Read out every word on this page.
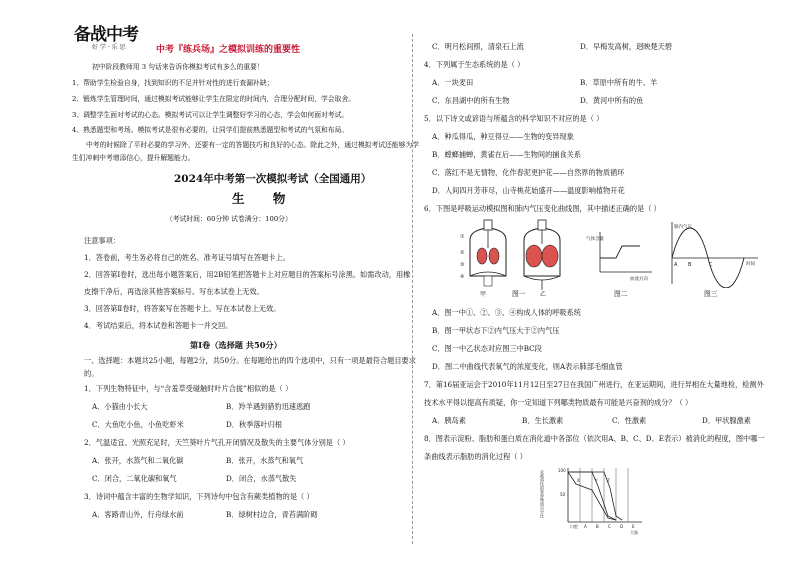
备战中考
好 学 · 乐 思	中考『练兵场』之模拟训练的重要性
初中阶段教师用 3 句话来告诉你模拟考试有多么的重要！
1、帮助学生检验自身，找到知识的不足并针对性的进行查漏补缺；
2、锻炼学生管理时间，通过模拟考试能够让学生在限定的时间内，合理分配时间，学会取舍。
3、调整学生面对考试的心态。模拟考试可以让学生调整好学习的心态，学会如何面对考试。
4、熟悉题型和考场。模拟考试是很有必要的，让同学们提前熟悉题型和考试的气氛和布局。
中考的时候除了平时必要的学习外，还要有一定的答题技巧和良好的心态。除此之外，通过模拟考试还能够为学
生们冲刺中考增添信心，提升解题能力。
2024年中考第一次模拟考试（全国通用）
生 物
（考试时间：60分钟 试卷满分：100分）
注意事项：
1．答卷前，考生务必将自己的姓名、准考证号填写在答题卡上。
2．回答第Ⅰ卷时，选出每小题答案后，用2B铅笔把答题卡上对应题目的答案标号涂黑。如需改动，用橡
皮擦干净后，再选涂其他答案标号。写在本试卷上无效。
3．回答第Ⅱ卷时，将答案写在答题卡上。写在本试卷上无效。
4．考试结束后，将本试卷和答题卡一并交回。
第Ⅰ卷（选择题 共50分）
一、选择题：本题共25小题，每题2分，共50分。在每题给出的四个选项中，只有一项是最符合题目要求
的。
1．下列生物特征中，与“含羞草受碰触时叶片合拢”相似的是（ ）
A．小猫由小长大	B．羚羊遇到猎豹迅速逃跑
C．大鱼吃小鱼，小鱼吃虾米	D．秋季落叶归根
2．气温适宜、光照充足时，天竺葵叶片气孔开闭情况及散失的主要气体分别是（ ）
A．张开，水蒸气和二氧化碳	B．张开，水蒸气和氧气
C．闭合，二氧化碳和氧气	D．闭合，水蒸气散失
3．诗词中蕴含丰富的生物学知识，下列诗句中包含有蕨类植物的是（ ）
A．客路青山外，行舟绿水前	B．绿树村边合，青苔满阶砌
C．明月松间照，清泉石上流	D．早梅发高树，迥映楚天碧
4．下列属于生态系统的是（ ）
A．一块麦田	B．草原中所有的牛、羊
C．东昌湖中的所有生物	D．黄河中所有的鱼
5．以下诗文或谚语与所蕴含的科学知识不对应的是（ ）
A．种瓜得瓜，种豆得豆——生物的变异现象
B．螳螂捕蝉，黄雀在后——生物间的捕食关系
C．落红不是无情物，化作春泥更护花——自然界的物质循环
D．人间四月芳菲尽，山寺桃花始盛开——温度影响植物开花
6．下图是呼吸运动模拟图和肺内气压变化曲线图，其中描述正确的是（ ）
①
②
③
④
甲	乙
图一
气体含量
血流方向
图二
肺内气压
时间
A B	C
图三
A．图一中①、②、③、④构成人体的呼吸系统
B．图一甲状态下②内气压大于②内气压
C．图一中乙状态对应图三中BC段
D．图二中曲线代表氧气的浓度变化，则A表示肺部毛细血管
7．第16届亚运会于2010年11月12日至27日在我国广州进行，在亚运期间，进行异相在大量地检，检测外
技术水平得以提高有质疑，你一定知道下列哪类物质最有可能是兴奋剂的成分？（ ）
A．胰岛素	B．生长激素	C．性激素	D．甲状腺激素
8．图表示淀粉、脂肪和蛋白质在消化道中各部位（依次用A、B、C、D、E表示）被消化的程度，图中哪一
条曲线表示脂肪的消化过程（ ）
X	Y Z
100
50
口腔 A B C D E
大肠
未被消化的营养物质百分比
